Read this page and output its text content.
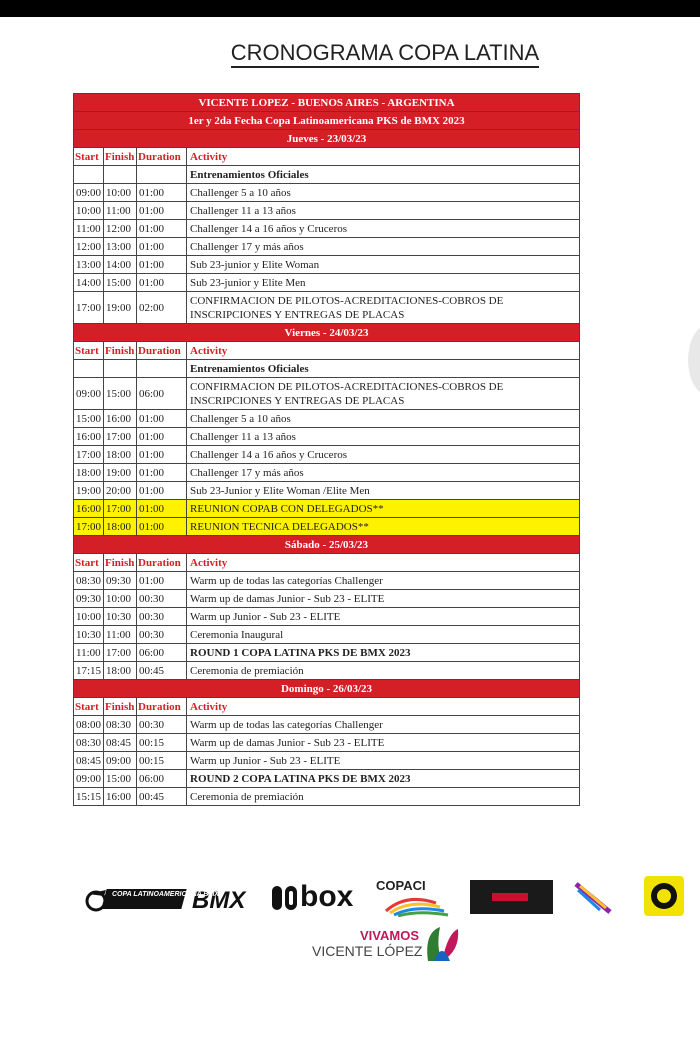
CRONOGRAMA COPA LATINA
VICENTE LOPEZ - BUENOS AIRES - ARGENTINA			
1er y 2da Fecha Copa Latinoamericana PKS de BMX 2023			
Jueves - 23/03/23			
Start	Finish	Duration	Activity
			Entrenamientos Oficiales
09:00	10:00	01:00	Challenger 5 a 10 años
10:00	11:00	01:00	Challenger 11 a 13 años
11:00	12:00	01:00	Challenger 14 a 16 años y Cruceros
12:00	13:00	01:00	Challenger 17 y más años
13:00	14:00	01:00	Sub 23-junior y Elite Woman
14:00	15:00	01:00	Sub 23-junior y Elite Men
17:00	19:00	02:00	CONFIRMACION DE PILOTOS-ACREDITACIONES-COBROS DE INSCRIPCIONES Y ENTREGAS DE PLACAS
Viernes - 24/03/23			
Start	Finish	Duration	Activity
			Entrenamientos Oficiales
09:00	15:00	06:00	CONFIRMACION DE PILOTOS-ACREDITACIONES-COBROS DE INSCRIPCIONES Y ENTREGAS DE PLACAS
15:00	16:00	01:00	Challenger 5 a 10 años
16:00	17:00	01:00	Challenger 11 a 13 años
17:00	18:00	01:00	Challenger 14 a 16 años y Cruceros
18:00	19:00	01:00	Challenger 17 y más años
19:00	20:00	01:00	Sub 23-Junior y Elite Woman /Elite Men
16:00	17:00	01:00	REUNION COPAB CON DELEGADOS**
17:00	18:00	01:00	REUNION TECNICA DELEGADOS**
Sábado - 25/03/23			
Start	Finish	Duration	Activity
08:30	09:30	01:00	Warm up de todas las categorías Challenger
09:30	10:00	00:30	Warm up de damas Junior - Sub 23 - ELITE
10:00	10:30	00:30	Warm up Junior - Sub 23 - ELITE
10:30	11:00	00:30	Ceremonia Inaugural
11:00	17:00	06:00	ROUND 1 COPA LATINA PKS DE BMX 2023
17:15	18:00	00:45	Ceremonia de premiación
Domingo - 26/03/23			
Start	Finish	Duration	Activity
08:00	08:30	00:30	Warm up de todas las categorías Challenger
08:30	08:45	00:15	Warm up de damas Junior - Sub 23 - ELITE
08:45	09:00	00:15	Warm up Junior - Sub 23 - ELITE
09:00	15:00	06:00	ROUND 2 COPA LATINA PKS DE BMX 2023
15:15	16:00	00:45	Ceremonia de premiación
BMX
COPA LATINOAMERICANA BMX	box COPACI
VIVAMOS
VICENTE LÓPEZ
